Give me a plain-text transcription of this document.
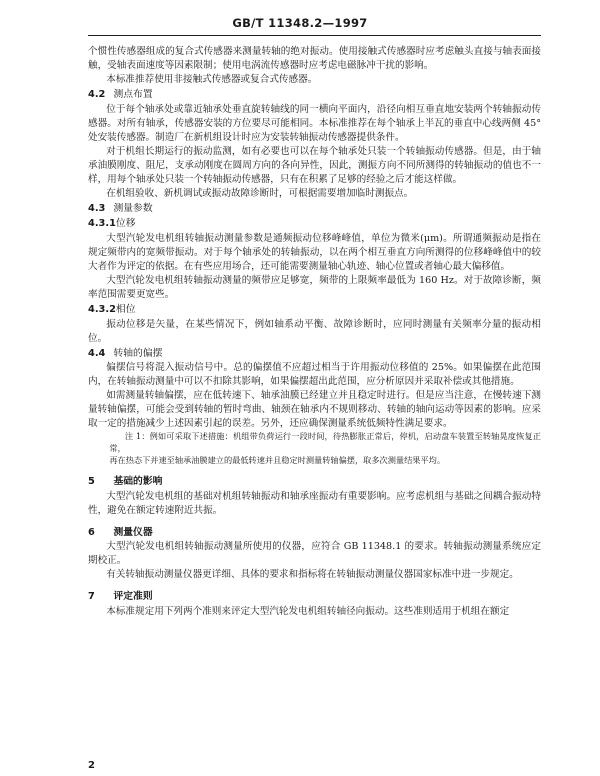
GB/T 11348.2—1997

个惯性传感器组成的复合式传感器来测量转轴的绝对振动。使用接触式传感器时应考虑触头直接与轴表面接触，受轴表面速度等因素限制；使用电涡流传感器时应考虑电磁脉冲干扰的影响。

本标准推荐使用非接触式传感器或复合式传感器。

4.2 测点布置

位于每个轴承处或靠近轴承处垂直旋转轴线的同一横向平面内，沿径向相互垂直地安装两个转轴振动传感器。对所有轴承，传感器安装的方位要尽可能相同。本标准推荐在每个轴承上半瓦的垂直中心线两侧 45°处安装传感器。制造厂在新机组设计时应为安装转轴振动传感器提供条件。

对于机组长期运行的振动监测，如有必要也可以在每个轴承处只装一个转轴振动传感器。但是，由于轴承油膜刚度、阻尼，支承动刚度在圆周方向的各向异性，因此，测振方向不同所测得的转轴振动的值也不一样，用每个轴承处只装一个转轴振动传感器，只有在积累了足够的经验之后才能这样做。

在机组验收、新机调试或振动故障诊断时，可根据需要增加临时测振点。

4.3 测量参数
4.3.1位移

大型汽轮发电机组转轴振动测量参数是通频振动位移峰峰值，单位为微米(μm)。所谓通频振动是指在规定频带内的宽频带振动。对于每个轴承处的转轴振动，以在两个相互垂直方向所测得的位移峰峰值中的较大者作为评定的依据。在有些应用场合，还可能需要测量轴心轨迹、轴心位置或者轴心最大偏移值。

大型汽轮发电机组转轴振动测量的频带应足够宽，频带的上限频率最低为 160 Hz。对于故障诊断，频率范围需要更宽些。

4.3.2相位

振动位移是矢量，在某些情况下，例如轴系动平衡、故障诊断时，应同时测量有关频率分量的振动相位。

4.4 转轴的偏摆

偏摆信号将混入振动信号中。总的偏摆值不应超过相当于许用振动位移值的 25%。如果偏摆在此范围内，在转轴振动测量中可以不扣除其影响，如果偏摆超出此范围，应分析原因并采取补偿或其他措施。

如需测量转轴偏摆，应在低转速下、轴承油膜已经建立并且稳定时进行。但是应当注意，在慢转速下测量转轴偏摆，可能会受到转轴的暂时弯曲、轴颈在轴承内不规则移动、转轴的轴向运动等因素的影响。应采取一定的措施减少上述因素引起的误差。另外，还应确保测量系统低频特性满足要求。

注 1：例如可采取下述措施：机组带负荷运行一段时间，待热膨胀正常后，停机，启动盘车装置至转轴晃度恢复正常，

再在热态下并速至轴承油膜建立的最低转速并且稳定时测量转轴偏摆，取多次测量结果平均。

5 基础的影响

大型汽轮发电机组的基础对机组转轴振动和轴承座振动有重要影响。应考虑机组与基础之间耦合振动特性，避免在额定转速附近共振。

6 测量仪器

大型汽轮发电机组转轴振动测量所使用的仪器，应符合 GB 11348.1 的要求。转轴振动测量系统应定期校正。

有关转轴振动测量仪器更详细、具体的要求和指标将在转轴振动测量仪器国家标准中进一步规定。

7 评定准则

本标准规定用下列两个准则来评定大型汽轮发电机组转轴径向振动。这些准则适用于机组在额定

2
